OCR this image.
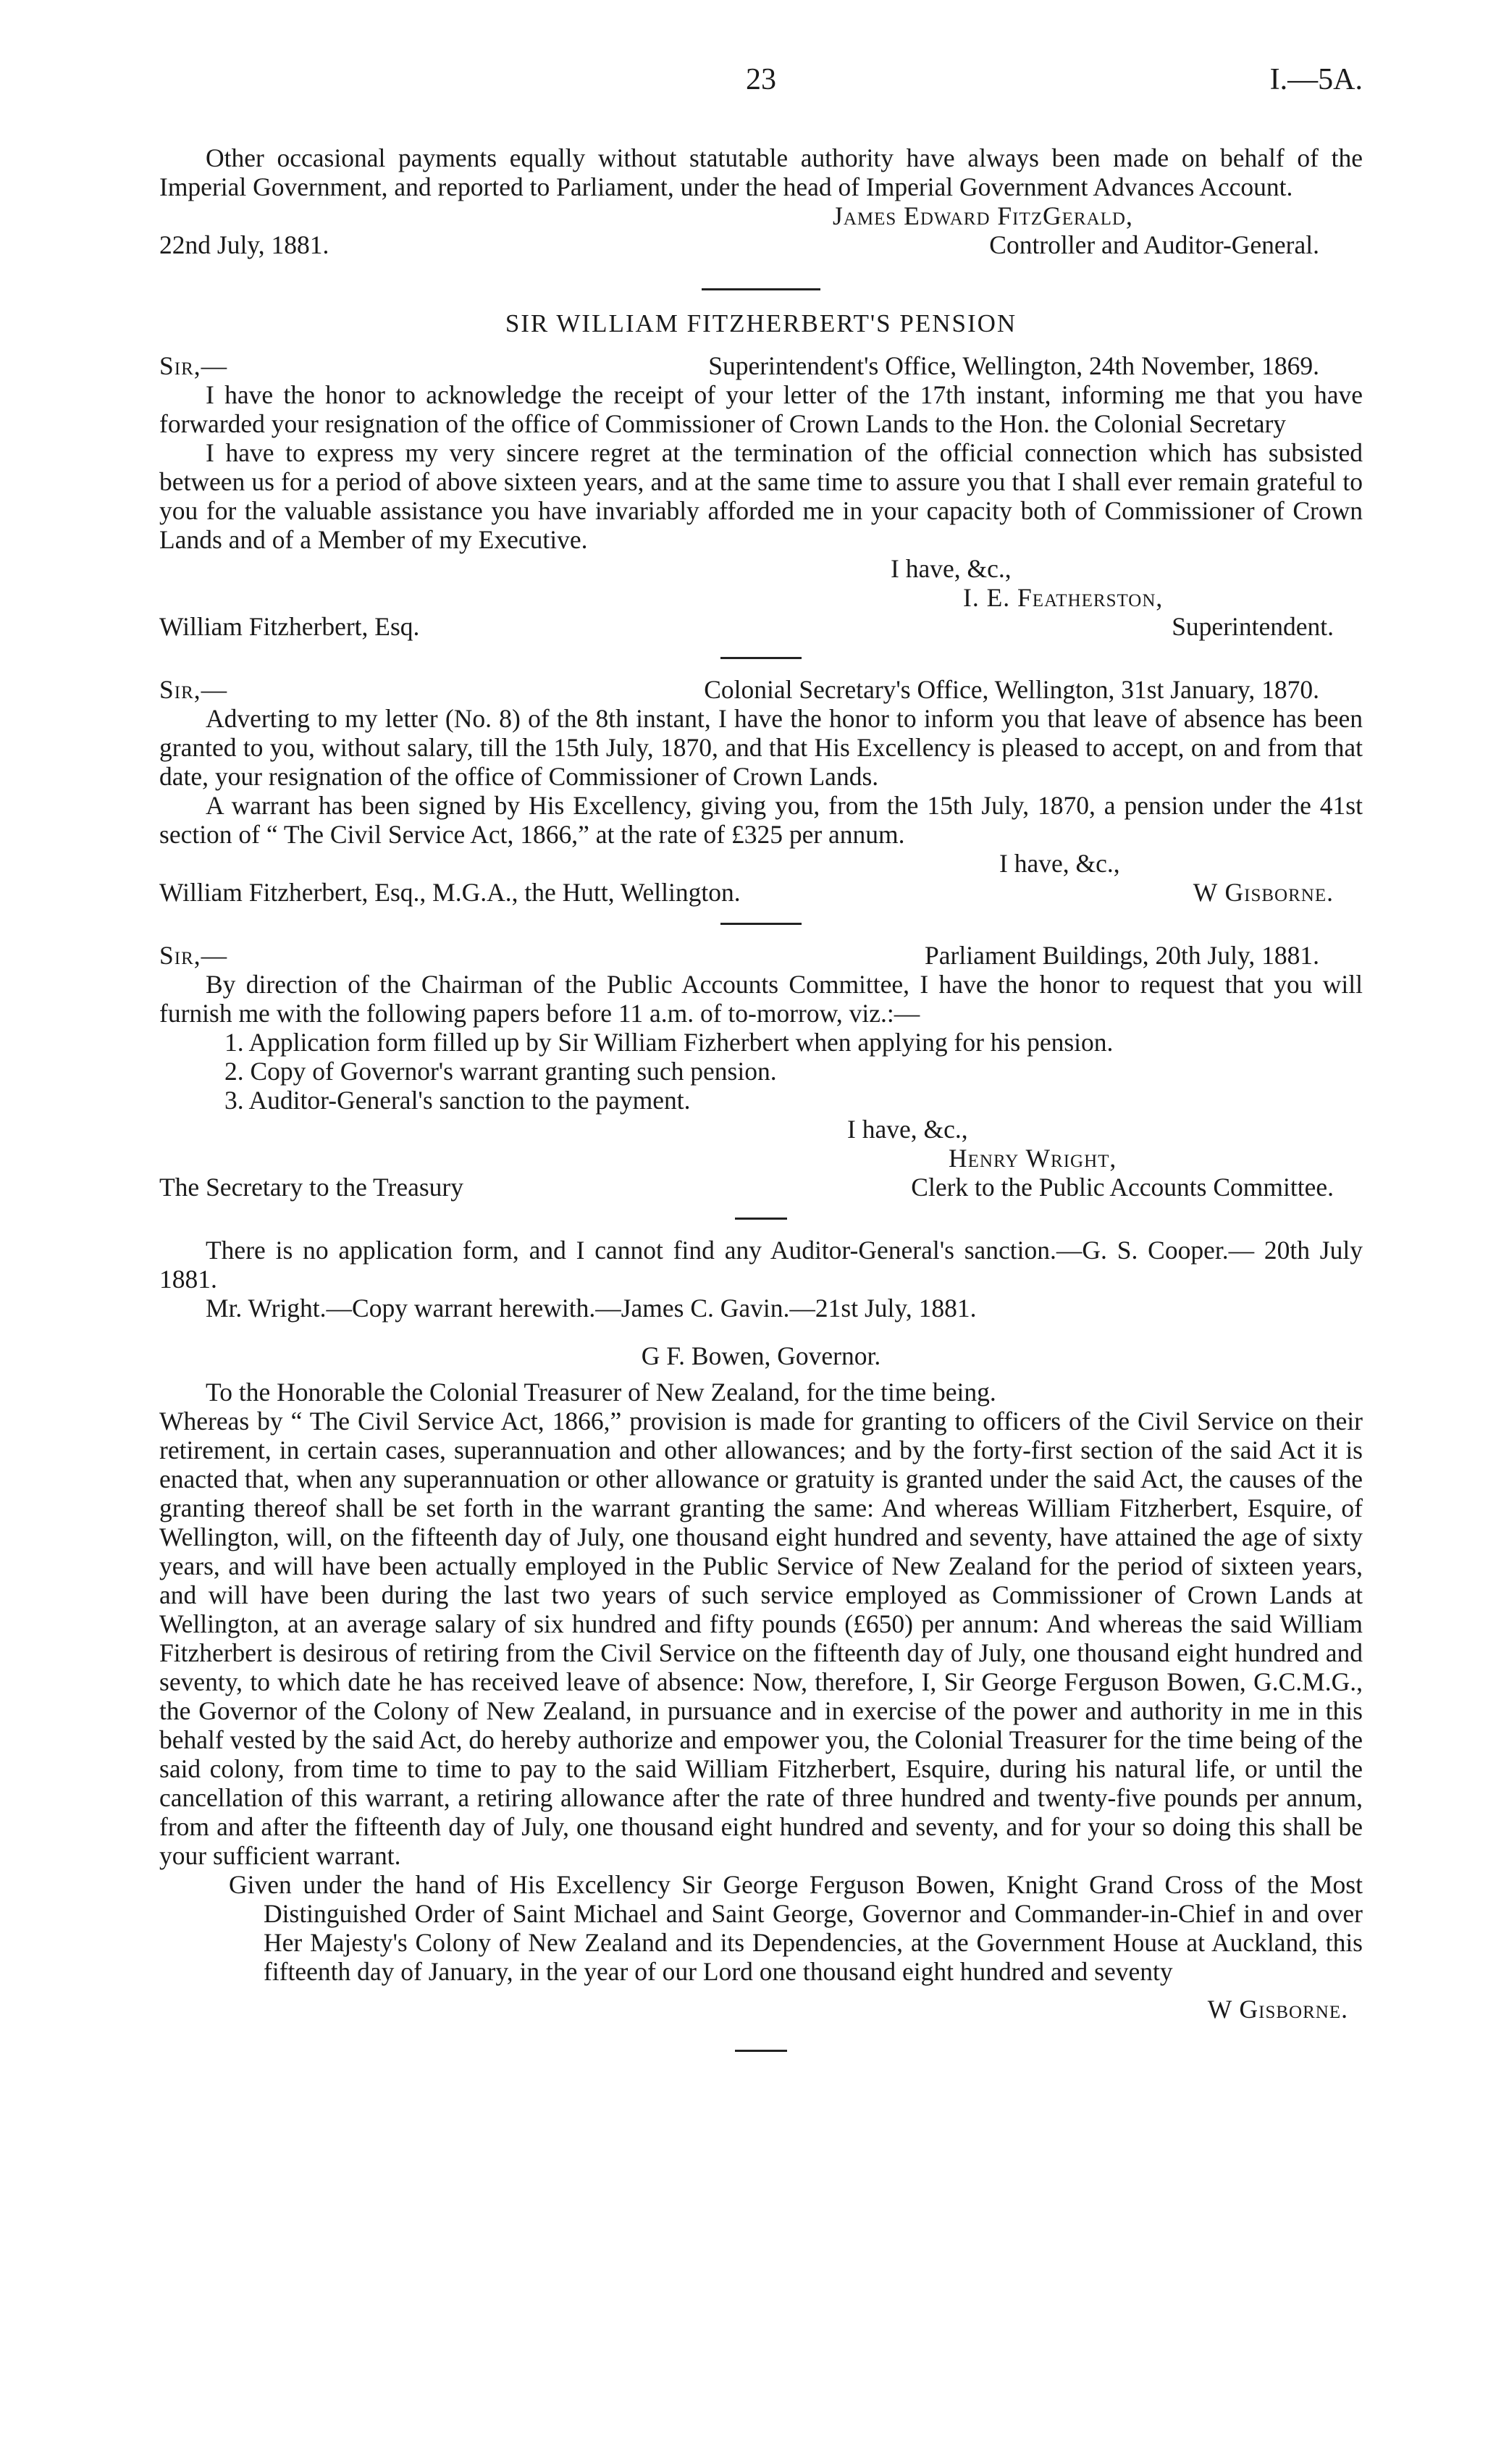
23	I.—5A.

Other occasional payments equally without statutable authority have always been made on behalf of the Imperial Government, and reported to Parliament, under the head of Imperial Government Advances Account.

James Edward FitzGerald,

22nd July, 1881.	Controller and Auditor-General.
SIR WILLIAM FITZHERBERT'S PENSION
Sir,—	Superintendent's Office, Wellington, 24th November, 1869.

I have the honor to acknowledge the receipt of your letter of the 17th instant, informing me that you have forwarded your resignation of the office of Commissioner of Crown Lands to the Hon. the Colonial Secretary

I have to express my very sincere regret at the termination of the official connection which has subsisted between us for a period of above sixteen years, and at the same time to assure you that I shall ever remain grateful to you for the valuable assistance you have invariably afforded me in your capacity both of Commissioner of Crown Lands and of a Member of my Executive.

I have, &c.,

I. E. Featherston,

William Fitzherbert, Esq.	Superintendent.
Sir,—	Colonial Secretary's Office, Wellington, 31st January, 1870.

Adverting to my letter (No. 8) of the 8th instant, I have the honor to inform you that leave of absence has been granted to you, without salary, till the 15th July, 1870, and that His Excellency is pleased to accept, on and from that date, your resignation of the office of Commissioner of Crown Lands.

A warrant has been signed by His Excellency, giving you, from the 15th July, 1870, a pension under the 41st section of “ The Civil Service Act, 1866,” at the rate of £325 per annum.

I have, &c.,

William Fitzherbert, Esq., M.G.A., the Hutt, Wellington.	W Gisborne.
Sir,—	Parliament Buildings, 20th July, 1881.

By direction of the Chairman of the Public Accounts Committee, I have the honor to request that you will furnish me with the following papers before 11 a.m. of to-morrow, viz.:—

1. Application form filled up by Sir William Fizherbert when applying for his pension.

2. Copy of Governor's warrant granting such pension.

3. Auditor-General's sanction to the payment.

I have, &c.,

Henry Wright,

The Secretary to the Treasury	Clerk to the Public Accounts Committee.

There is no application form, and I cannot find any Auditor-General's sanction.—G. S. Cooper.— 20th July 1881.

Mr. Wright.—Copy warrant herewith.—James C. Gavin.—21st July, 1881.

G F. Bowen, Governor.

To the Honorable the Colonial Treasurer of New Zealand, for the time being.

Whereas by “ The Civil Service Act, 1866,” provision is made for granting to officers of the Civil Service on their retirement, in certain cases, superannuation and other allowances; and by the forty-first section of the said Act it is enacted that, when any superannuation or other allowance or gratuity is granted under the said Act, the causes of the granting thereof shall be set forth in the warrant granting the same: And whereas William Fitzherbert, Esquire, of Wellington, will, on the fifteenth day of July, one thousand eight hundred and seventy, have attained the age of sixty years, and will have been actually employed in the Public Service of New Zealand for the period of sixteen years, and will have been during the last two years of such service employed as Commissioner of Crown Lands at Wellington, at an average salary of six hundred and fifty pounds (£650) per annum: And whereas the said William Fitzherbert is desirous of retiring from the Civil Service on the fifteenth day of July, one thousand eight hundred and seventy, to which date he has received leave of absence: Now, therefore, I, Sir George Ferguson Bowen, G.C.M.G., the Governor of the Colony of New Zealand, in pursuance and in exercise of the power and authority in me in this behalf vested by the said Act, do hereby authorize and empower you, the Colonial Treasurer for the time being of the said colony, from time to time to pay to the said William Fitzherbert, Esquire, during his natural life, or until the cancellation of this warrant, a retiring allowance after the rate of three hundred and twenty-five pounds per annum, from and after the fifteenth day of July, one thousand eight hundred and seventy, and for your so doing this shall be your sufficient warrant.

Given under the hand of His Excellency Sir George Ferguson Bowen, Knight Grand Cross of the Most Distinguished Order of Saint Michael and Saint George, Governor and Commander-in-Chief in and over Her Majesty's Colony of New Zealand and its Dependencies, at the Government House at Auckland, this fifteenth day of January, in the year of our Lord one thousand eight hundred and seventy

W Gisborne.
